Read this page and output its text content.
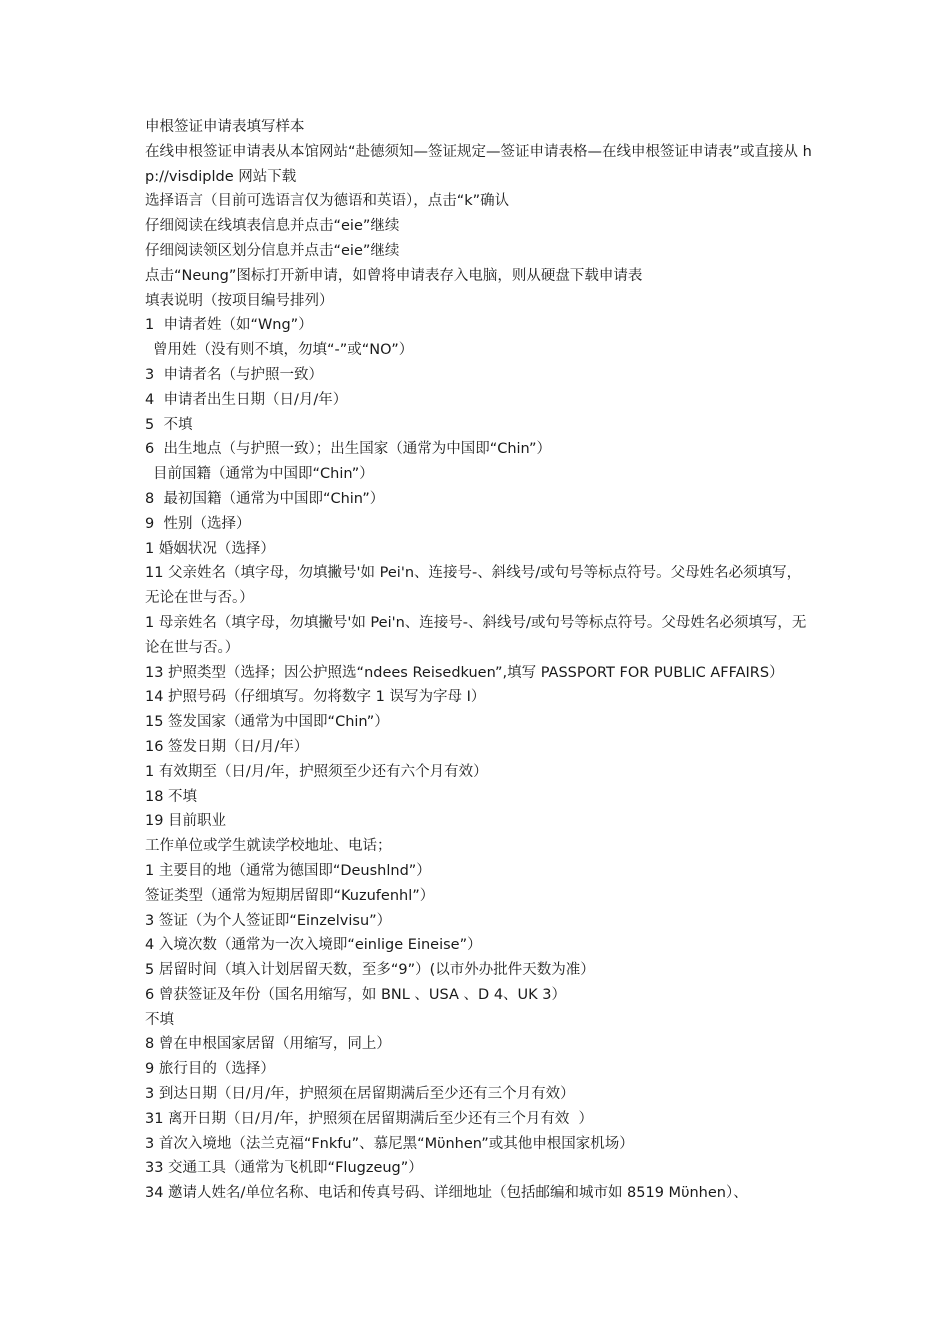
申根签证申请表填写样本
在线申根签证申请表从本馆网站“赴德须知—签证规定—签证申请表格—在线申根签证申请表”或直接从 hp://visdiplde 网站下载
选择语言（目前可选语言仅为德语和英语），点击“k”确认
仔细阅读在线填表信息并点击“eie”继续
仔细阅读领区划分信息并点击“eie”继续
点击“Neung”图标打开新申请，如曾将申请表存入电脑，则从硬盘下载申请表
填表说明（按项目编号排列）
1  申请者姓（如“Wng”）
曾用姓（没有则不填，勿填“-”或“NO”）
3  申请者名（与护照一致）
4  申请者出生日期（日/月/年）
5  不填
6  出生地点（与护照一致）；出生国家（通常为中国即“Chin”）
目前国籍（通常为中国即“Chin”）
8  最初国籍（通常为中国即“Chin”）
9  性别（选择）
1 婚姻状况（选择）
11 父亲姓名（填字母，勿填撇号'如 Pei'n、连接号-、斜线号/或句号等标点符号。父母姓名必须填写，无论在世与否。）
1 母亲姓名（填字母，勿填撇号'如 Pei'n、连接号-、斜线号/或句号等标点符号。父母姓名必须填写，无论在世与否。）
13 护照类型（选择；因公护照选“ndees Reisedkuen”,填写 PASSPORT FOR PUBLIC AFFAIRS）
14 护照号码（仔细填写。勿将数字 1 误写为字母 I）
15 签发国家（通常为中国即“Chin”）
16 签发日期（日/月/年）
1 有效期至（日/月/年，护照须至少还有六个月有效）
18 不填
19 目前职业
工作单位或学生就读学校地址、电话；
1 主要目的地（通常为德国即“Deushlnd”）
签证类型（通常为短期居留即“Kuzufenhl”）
3 签证（为个人签证即“Einzelvisu”）
4 入境次数（通常为一次入境即“einlige Eineise”）
5 居留时间（填入计划居留天数，至多“9”）(以市外办批件天数为准）
6 曾获签证及年份（国名用缩写，如 BNL 、USA 、D 4、UK 3）
不填
8 曾在申根国家居留（用缩写，同上）
9 旅行目的（选择）
3 到达日期（日/月/年，护照须在居留期满后至少还有三个月有效）
31 离开日期（日/月/年，护照须在居留期满后至少还有三个月有效  ）
3 首次入境地（法兰克福“Fnkfu”、慕尼黑“Mϋnhen”或其他申根国家机场）
33 交通工具（通常为飞机即“Flugzeug”）
34 邀请人姓名/单位名称、电话和传真号码、详细地址（包括邮编和城市如 8519 Mϋnhen）、
